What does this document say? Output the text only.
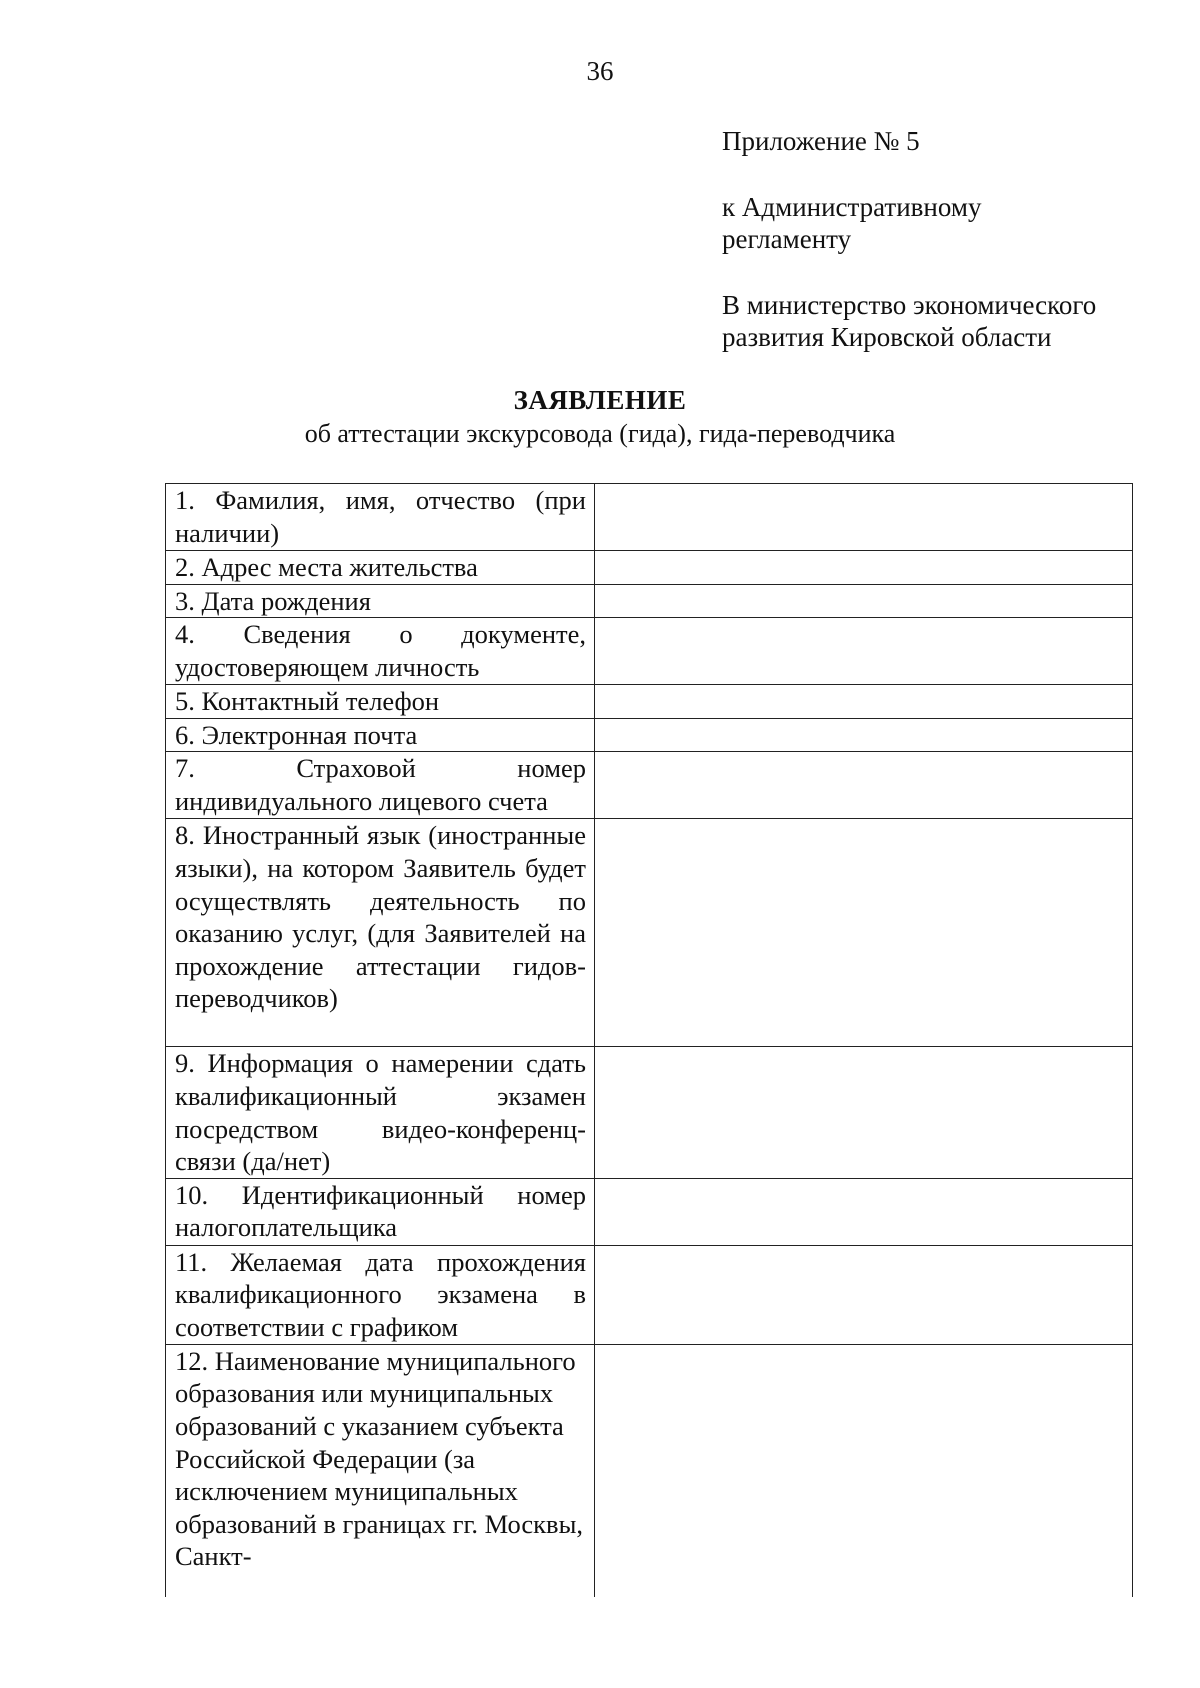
36
Приложение № 5
к Административному
регламенту
В министерство экономического
развития Кировской области
ЗАЯВЛЕНИЕ
об аттестации экскурсовода (гида), гида-переводчика
1. Фамилия, имя, отчество (при наличии)	

2. Адрес места жительства	

3. Дата рождения	

4. Сведения о документе, удостоверяющем личность	

5. Контактный телефон	

6. Электронная почта	

7. Страховой номер индивидуального лицевого счета	

8. Иностранный язык (иностранные языки), на котором Заявитель будет осуществлять деятельность по оказанию услуг, (для Заявителей на прохождение аттестации гидов-переводчиков)	

9. Информация о намерении сдать квалификационный экзамен посредством видео-конференц-связи (да/нет)	

10. Идентификационный номер налогоплательщика	

11. Желаемая дата прохождения квалификационного экзамена в соответствии с графиком	

12. Наименование муниципального образования или муниципальных образований с указанием субъекта Российской Федерации (за исключением муниципальных образований в границах гг. Москвы, Санкт-	
